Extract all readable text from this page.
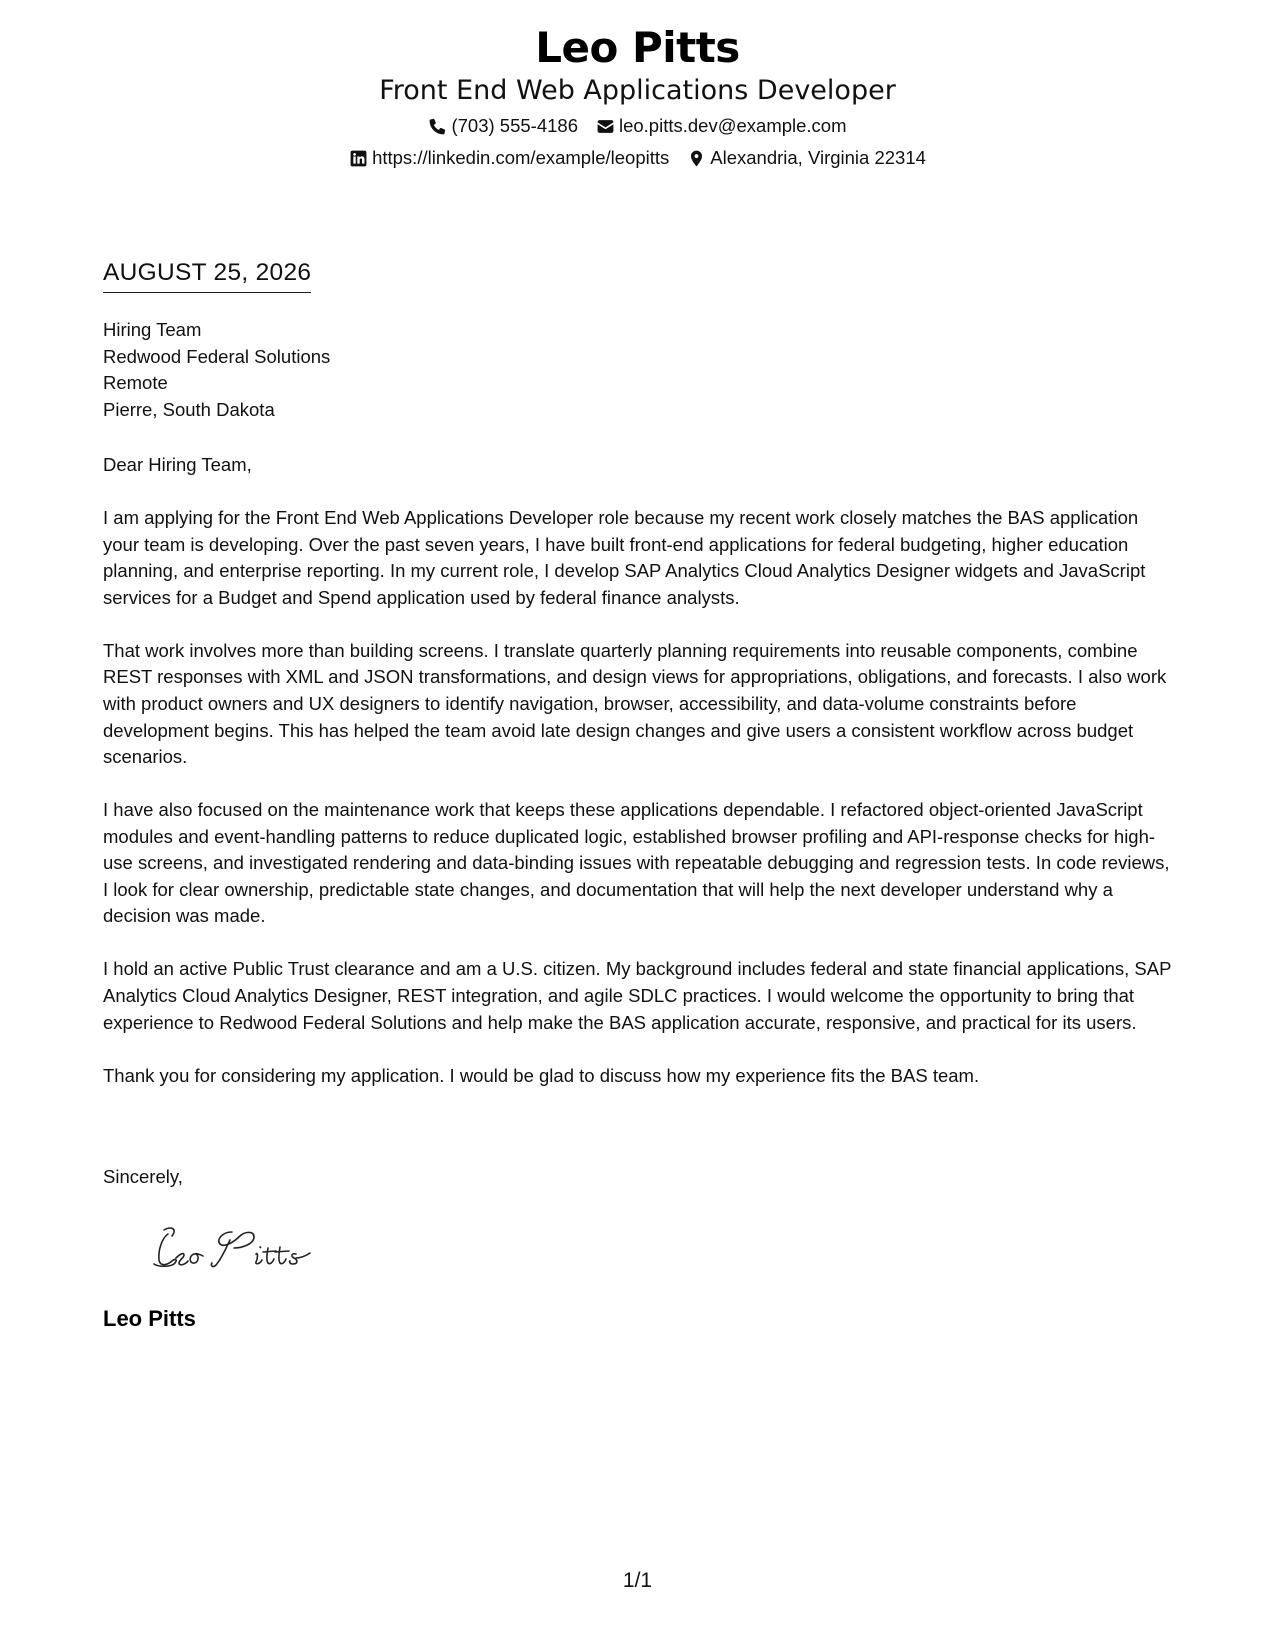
Leo Pitts
Front End Web Applications Developer
(703) 555-4186 leo.pitts.dev@example.com
https://linkedin.com/example/leopitts Alexandria, Virginia 22314
AUGUST 25, 2026
Hiring Team
Redwood Federal Solutions
Remote
Pierre, South Dakota

Dear Hiring Team,

I am applying for the Front End Web Applications Developer role because my recent work closely matches the BAS application your team is developing. Over the past seven years, I have built front-end applications for federal budgeting, higher education planning, and enterprise reporting. In my current role, I develop SAP Analytics Cloud Analytics Designer widgets and JavaScript services for a Budget and Spend application used by federal finance analysts.

That work involves more than building screens. I translate quarterly planning requirements into reusable components, combine REST responses with XML and JSON transformations, and design views for appropriations, obligations, and forecasts. I also work with product owners and UX designers to identify navigation, browser, accessibility, and data-volume constraints before development begins. This has helped the team avoid late design changes and give users a consistent workflow across budget scenarios.

I have also focused on the maintenance work that keeps these applications dependable. I refactored object-oriented JavaScript modules and event-handling patterns to reduce duplicated logic, established browser profiling and API-response checks for high-use screens, and investigated rendering and data-binding issues with repeatable debugging and regression tests. In code reviews, I look for clear ownership, predictable state changes, and documentation that will help the next developer understand why a decision was made.

I hold an active Public Trust clearance and am a U.S. citizen. My background includes federal and state financial applications, SAP Analytics Cloud Analytics Designer, REST integration, and agile SDLC practices. I would welcome the opportunity to bring that experience to Redwood Federal Solutions and help make the BAS application accurate, responsive, and practical for its users.

Thank you for considering my application. I would be glad to discuss how my experience fits the BAS team.

Sincerely,
Leo Pitts
1/1
